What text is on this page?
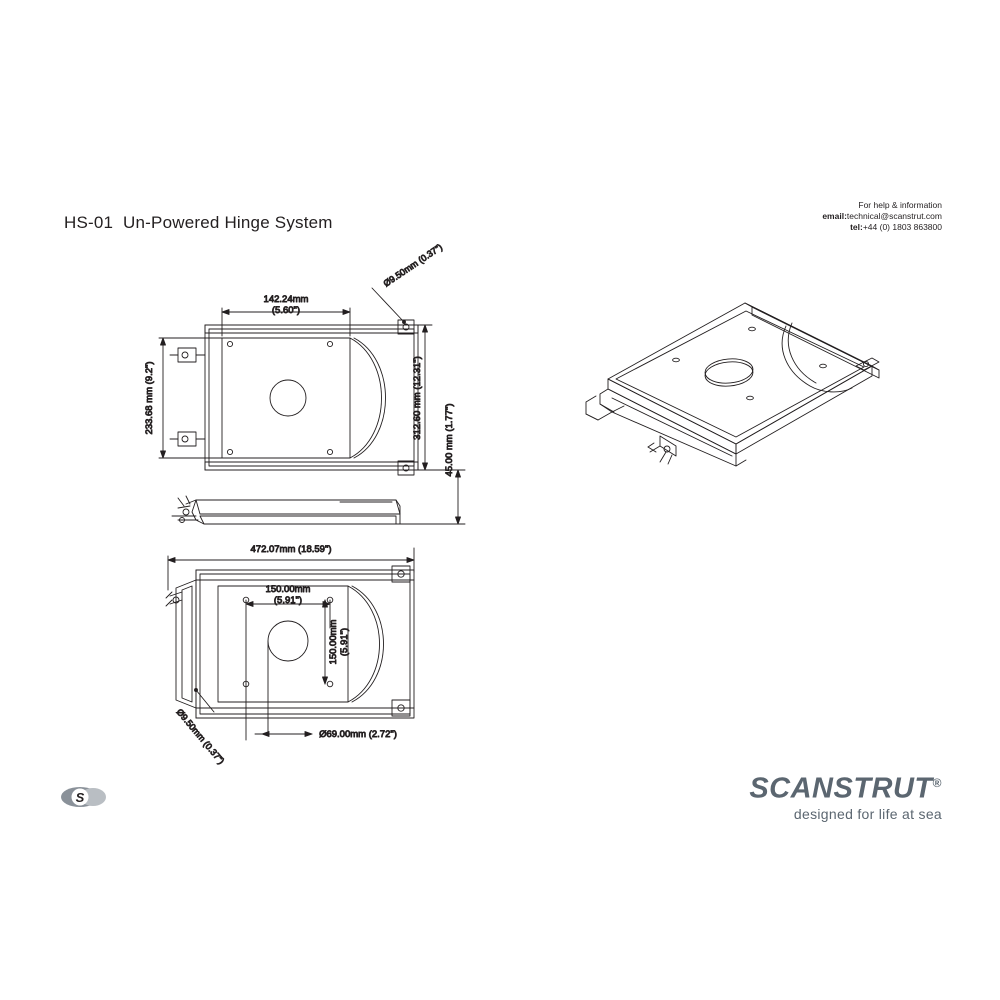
HS-01  Un-Powered Hinge System
For help & information
email:technical@scanstrut.com
tel:+44 (0) 1803 863800
SCANSTRUT®
designed for life at sea
S
142.24mm
(5.60")
Ø9.50mm (0.37")
233.68 mm (9.2")	312.60 mm (12.31")
45.00 mm (1.77")
472.07mm (18.59")
150.00mm
(5.91")
150.00mm (5.91")
Ø9.50mm (0.37")	Ø69.00mm (2.72")
